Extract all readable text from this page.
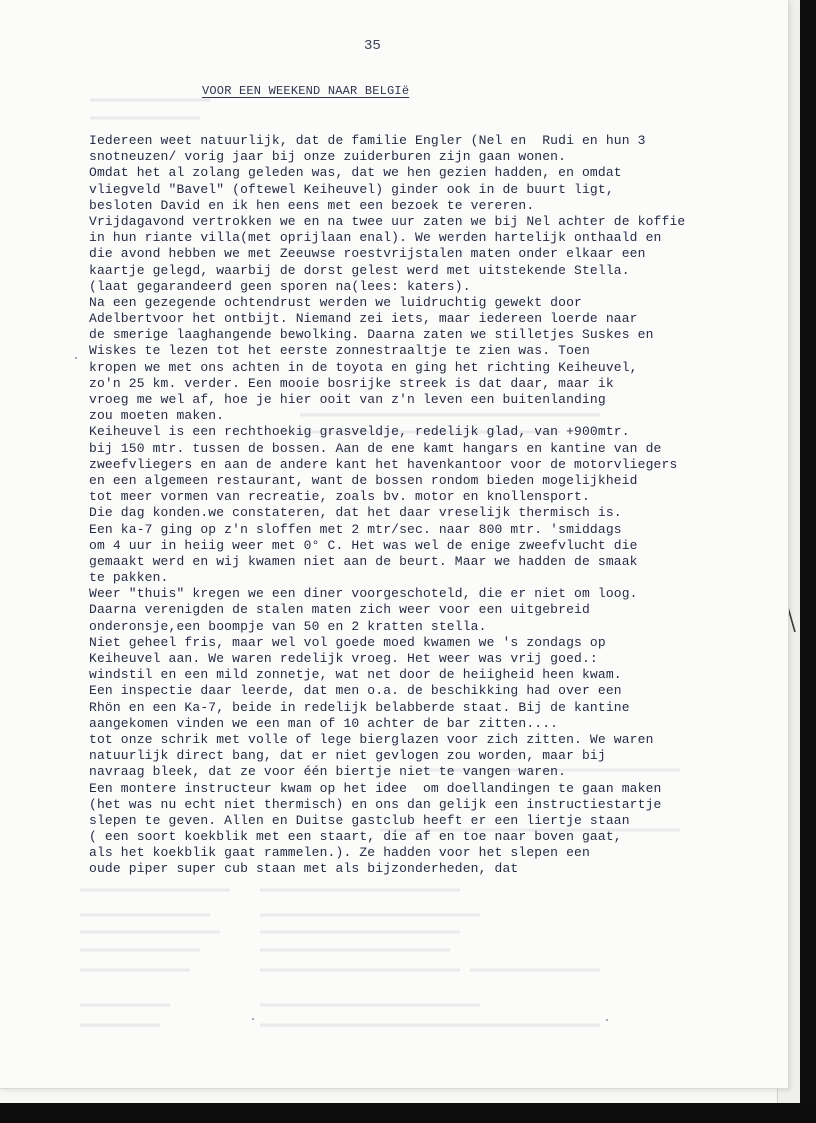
35
VOOR EEN WEEKEND NAAR BELGIë
Iedereen weet natuurlijk, dat de familie Engler (Nel en  Rudi en hun 3
snotneuzen/ vorig jaar bij onze zuiderburen zijn gaan wonen.
Omdat het al zolang geleden was, dat we hen gezien hadden, en omdat
vliegveld "Bavel" (oftewel Keiheuvel) ginder ook in de buurt ligt,
besloten David en ik hen eens met een bezoek te vereren.
Vrijdagavond vertrokken we en na twee uur zaten we bij Nel achter de koffie
in hun riante villa(met oprijlaan enal). We werden hartelijk onthaald en
die avond hebben we met Zeeuwse roestvrijstalen maten onder elkaar een
kaartje gelegd, waarbij de dorst gelest werd met uitstekende Stella.
(laat gegarandeerd geen sporen na(lees: katers).
Na een gezegende ochtendrust werden we luidruchtig gewekt door
Adelbertvoor het ontbijt. Niemand zei iets, maar iedereen loerde naar
de smerige laaghangende bewolking. Daarna zaten we stilletjes Suskes en
Wiskes te lezen tot het eerste zonnestraaltje te zien was. Toen
kropen we met ons achten in de toyota en ging het richting Keiheuvel,
zo'n 25 km. verder. Een mooie bosrijke streek is dat daar, maar ik
vroeg me wel af, hoe je hier ooit van z'n leven een buitenlanding
zou moeten maken.
Keiheuvel is een rechthoekig grasveldje, redelijk glad, van +900mtr.
bij 150 mtr. tussen de bossen. Aan de ene kamt hangars en kantine van de
zweefvliegers en aan de andere kant het havenkantoor voor de motorvliegers
en een algemeen restaurant, want de bossen rondom bieden mogelijkheid
tot meer vormen van recreatie, zoals bv. motor en knollensport.
Die dag konden.we constateren, dat het daar vreselijk thermisch is.
Een ka-7 ging op z'n sloffen met 2 mtr/sec. naar 800 mtr. 'smiddags
om 4 uur in heiig weer met 0° C. Het was wel de enige zweefvlucht die
gemaakt werd en wij kwamen niet aan de beurt. Maar we hadden de smaak
te pakken.
Weer "thuis" kregen we een diner voorgeschoteld, die er niet om loog.
Daarna verenigden de stalen maten zich weer voor een uitgebreid
onderonsje,een boompje van 50 en 2 kratten stella.
Niet geheel fris, maar wel vol goede moed kwamen we 's zondags op
Keiheuvel aan. We waren redelijk vroeg. Het weer was vrij goed.:
windstil en een mild zonnetje, wat net door de heiigheid heen kwam.
Een inspectie daar leerde, dat men o.a. de beschikking had over een
Rhön en een Ka-7, beide in redelijk belabberde staat. Bij de kantine
aangekomen vinden we een man of 10 achter de bar zitten....
tot onze schrik met volle of lege bierglazen voor zich zitten. We waren
natuurlijk direct bang, dat er niet gevlogen zou worden, maar bij
navraag bleek, dat ze voor één biertje niet te vangen waren.
Een montere instructeur kwam op het idee  om doellandingen te gaan maken
(het was nu echt niet thermisch) en ons dan gelijk een instructiestartje
slepen te geven. Allen en Duitse gastclub heeft er een liertje staan
( een soort koekblik met een staart, die af en toe naar boven gaat,
als het koekblik gaat rammelen.). Ze hadden voor het slepen een
oude piper super cub staan met als bijzonderheden, dat
